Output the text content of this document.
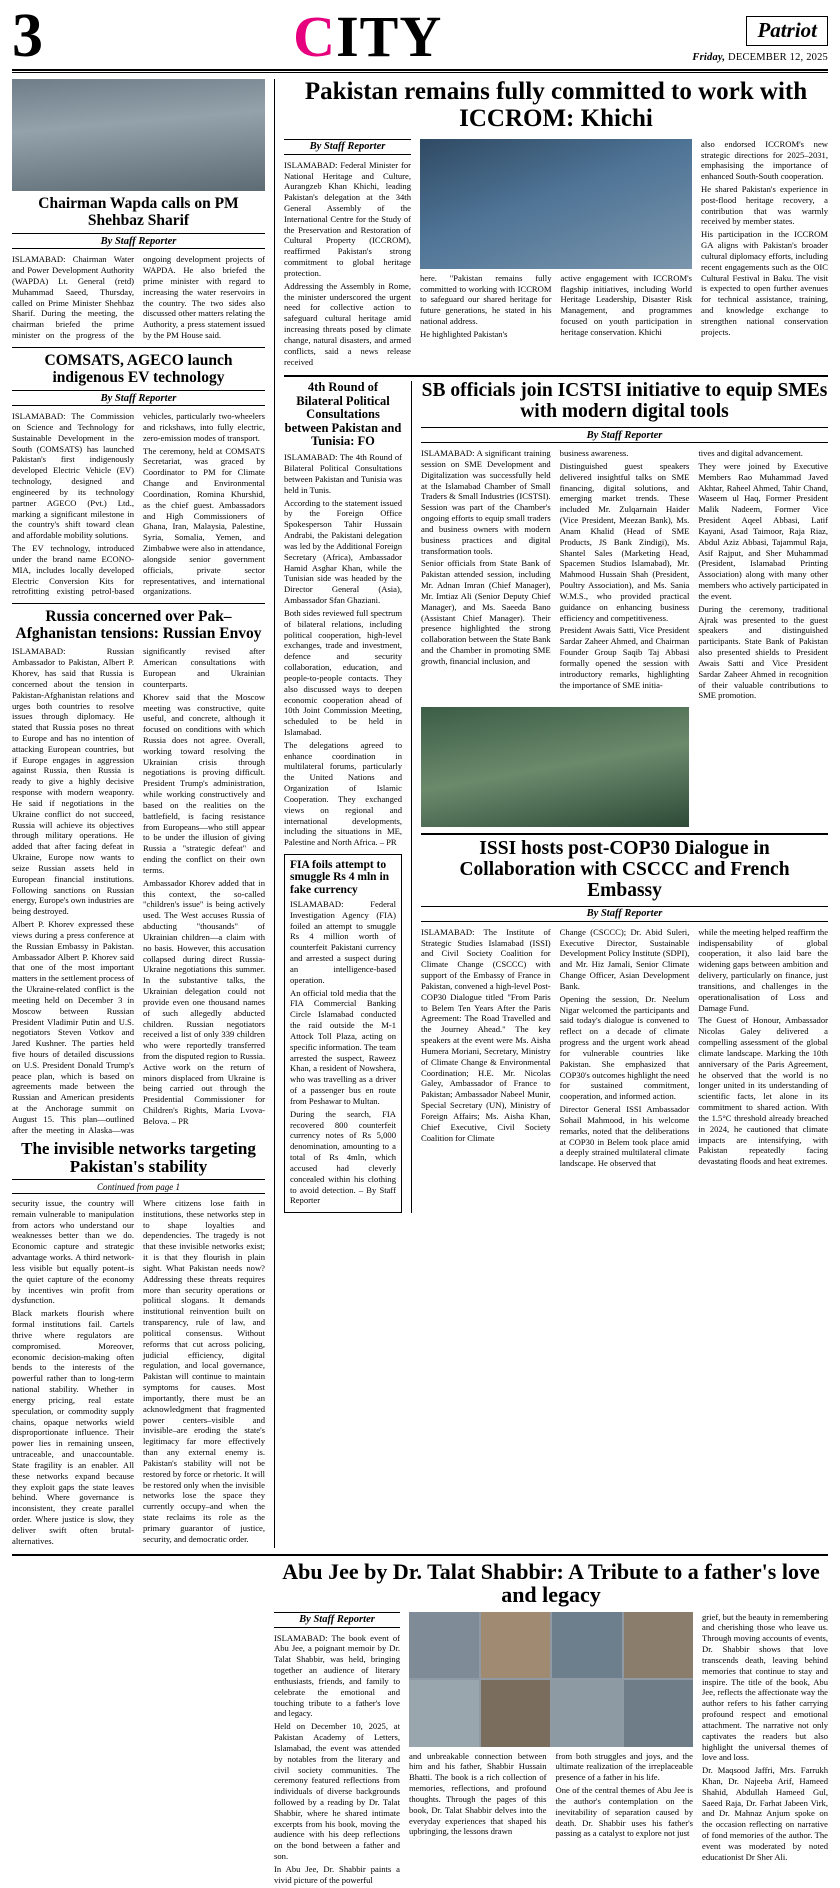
3	CITY	Patriot
Friday, DECEMBER 12, 2025
Chairman Wapda calls on PM Shehbaz Sharif
By Staff Reporter

ISLAMABAD: Chairman Water and Power Development Authority (WAPDA) Lt. General (retd) Muhammad Saeed, Thursday, called on Prime Minister Shehbaz Sharif. During the meeting, the chairman briefed the prime minister on the progress of the ongoing development projects of WAPDA. He also briefed the prime minister with regard to increasing the water reservoirs in the country. The two sides also discussed other matters relating the Authority, a press statement issued by the PM House said.

COMSATS, AGECO launch indigenous EV technology
By Staff Reporter

ISLAMABAD: The Commission on Science and Technology for Sustainable Development in the South (COMSATS) has launched Pakistan's first indigenously developed Electric Vehicle (EV) technology, designed and engineered by its technology partner AGECO (Pvt.) Ltd., marking a significant milestone in the country's shift toward clean and affordable mobility solutions.

The EV technology, introduced under the brand name ECONO-MIA, includes locally developed Electric Conversion Kits for retrofitting existing petrol-based vehicles, particularly two-wheelers and rickshaws, into fully electric, zero-emission modes of transport.

The ceremony, held at COMSATS Secretariat, was graced by Coordinator to PM for Climate Change and Environmental Coordination, Romina Khurshid, as the chief guest. Ambassadors and High Commissioners of Ghana, Iran, Malaysia, Palestine, Syria, Somalia, Yemen, and Zimbabwe were also in attendance, alongside senior government officials, private sector representatives, and international organizations.

Russia concerned over Pak–Afghanistan tensions: Russian Envoy

ISLAMABAD: Russian Ambassador to Pakistan, Albert P. Khorev, has said that Russia is concerned about the tension in Pakistan-Afghanistan relations and urges both countries to resolve issues through diplomacy. He stated that Russia poses no threat to Europe and has no intention of attacking European countries, but if Europe engages in aggression against Russia, then Russia is ready to give a highly decisive response with modern weaponry. He said if negotiations in the Ukraine conflict do not succeed, Russia will achieve its objectives through military operations. He added that after facing defeat in Ukraine, Europe now wants to seize Russian assets held in European financial institutions. Following sanctions on Russian energy, Europe's own industries are being destroyed.

Albert P. Khorev expressed these views during a press conference at the Russian Embassy in Pakistan. Ambassador Albert P. Khorev said that one of the most important matters in the settlement process of the Ukraine-related conflict is the meeting held on December 3 in Moscow between Russian President Vladimir Putin and U.S. negotiators Steven Votkov and Jared Kushner. The parties held five hours of detailed discussions on U.S. President Donald Trump's peace plan, which is based on agreements made between the Russian and American presidents at the Anchorage summit on August 15. This plan—outlined after the meeting in Alaska—was significantly revised after American consultations with European and Ukrainian counterparts.

Khorev said that the Moscow meeting was constructive, quite useful, and concrete, although it focused on conditions with which Russia does not agree. Overall, working toward resolving the Ukrainian crisis through negotiations is proving difficult. President Trump's administration, while working constructively and based on the realities on the battlefield, is facing resistance from Europeans—who still appear to be under the illusion of giving Russia a "strategic defeat" and ending the conflict on their own terms.

Ambassador Khorev added that in this context, the so-called "children's issue" is being actively used. The West accuses Russia of abducting "thousands" of Ukrainian children—a claim with no basis. However, this accusation collapsed during direct Russia-Ukraine negotiations this summer. In the substantive talks, the Ukrainian delegation could not provide even one thousand names of such allegedly abducted children. Russian negotiators received a list of only 339 children who were reportedly transferred from the disputed region to Russia. Active work on the return of minors displaced from Ukraine is being carried out through the Presidential Commissioner for Children's Rights, Maria Lvova-Belova. – PR

The invisible networks targeting Pakistan's stability
Continued from page 1

security issue, the country will remain vulnerable to manipulation from actors who understand our weaknesses better than we do. Economic capture and strategic advantage works. A third network-less visible but equally potent–is the quiet capture of the economy by incentives win profit from dysfunction.

Black markets flourish where formal institutions fail. Cartels thrive where regulators are compromised. Moreover, economic decision-making often bends to the interests of the powerful rather than to long-term national stability. Whether in energy pricing, real estate speculation, or commodity supply chains, opaque networks wield disproportionate influence. Their power lies in remaining unseen, untraceable, and unaccountable. State fragility is an enabler. All these networks expand because they exploit gaps the state leaves behind. Where governance is inconsistent, they create parallel order. Where justice is slow, they deliver swift often brutal-alternatives.

Where citizens lose faith in institutions, these networks step in to shape loyalties and dependencies. The tragedy is not that these invisible networks exist; it is that they flourish in plain sight. What Pakistan needs now? Addressing these threats requires more than security operations or political slogans. It demands institutional reinvention built on transparency, rule of law, and political consensus. Without reforms that cut across policing, judicial efficiency, digital regulation, and local governance, Pakistan will continue to maintain symptoms for causes. Most importantly, there must be an acknowledgment that fragmented power centers–visible and invisible–are eroding the state's legitimacy far more effectively than any external enemy is. Pakistan's stability will not be restored by force or rhetoric. It will be restored only when the invisible networks lose the space they currently occupy–and when the state reclaims its role as the primary guarantor of justice, security, and democratic order.

Pakistan remains fully committed to work with ICCROM: Khichi
By Staff Reporter

ISLAMABAD: Federal Minister for National Heritage and Culture, Aurangzeb Khan Khichi, leading Pakistan's delegation at the 34th General Assembly of the International Centre for the Study of the Preservation and Restoration of Cultural Property (ICCROM), reaffirmed Pakistan's strong commitment to global heritage protection.

Addressing the Assembly in Rome, the minister underscored the urgent need for collective action to safeguard cultural heritage amid increasing threats posed by climate change, natural disasters, and armed conflicts, said a news release received

here. "Pakistan remains fully committed to working with ICCROM to safeguard our shared heritage for future generations, he stated in his national address.

He highlighted Pakistan's

active engagement with ICCROM's flagship initiatives, including World Heritage Leadership, Disaster Risk Management, and programmes focused on youth participation in heritage conservation. Khichi

also endorsed ICCROM's new strategic directions for 2025–2031, emphasising the importance of enhanced South-South cooperation.

He shared Pakistan's experience in post-flood heritage recovery, a contribution that was warmly received by member states.

His participation in the ICCROM GA aligns with Pakistan's broader cultural diplomacy efforts, including recent engagements such as the OIC Cultural Festival in Baku. The visit is expected to open further avenues for technical assistance, training, and knowledge exchange to strengthen national conservation projects.

4th Round of Bilateral Political Consultations between Pakistan and Tunisia: FO

ISLAMABAD: The 4th Round of Bilateral Political Consultations between Pakistan and Tunisia was held in Tunis.

According to the statement issued by the Foreign Office Spokesperson Tahir Hussain Andrabi, the Pakistani delegation was led by the Additional Foreign Secretary (Africa), Ambassador Hamid Asghar Khan, while the Tunisian side was headed by the Director General (Asia), Ambassador Sfan Ghaziani.

Both sides reviewed full spectrum of bilateral relations, including political cooperation, high-level exchanges, trade and investment, defence and security collaboration, education, and people-to-people contacts. They also discussed ways to deepen economic cooperation ahead of 10th Joint Commission Meeting, scheduled to be held in Islamabad.

The delegations agreed to enhance coordination in multilateral forums, particularly the United Nations and Organization of Islamic Cooperation. They exchanged views on regional and international developments, including the situations in ME, Palestine and North Africa. – PR

FIA foils attempt to smuggle Rs 4 mln in fake currency

ISLAMABAD: Federal Investigation Agency (FIA) foiled an attempt to smuggle Rs 4 million worth of counterfeit Pakistani currency and arrested a suspect during an intelligence-based operation.

An official told media that the FIA Commercial Banking Circle Islamabad conducted the raid outside the M-1 Attock Toll Plaza, acting on specific information. The team arrested the suspect, Raweez Khan, a resident of Nowshera, who was travelling as a driver of a passenger bus en route from Peshawar to Multan.

During the search, FIA recovered 800 counterfeit currency notes of Rs 5,000 denomination, amounting to a total of Rs 4mln, which accused had cleverly concealed within his clothing to avoid detection. – By Staff Reporter

SB officials join ICSTSI initiative to equip SMEs with modern digital tools
By Staff Reporter

ISLAMABAD: A significant training session on SME Development and Digitalization was successfully held at the Islamabad Chamber of Small Traders & Small Industries (ICSTSI). Session was part of the Chamber's ongoing efforts to equip small traders and business owners with modern business practices and digital transformation tools.

Senior officials from State Bank of Pakistan attended session, including Mr. Adnan Imran (Chief Manager), Mr. Imtiaz Ali (Senior Deputy Chief Manager), and Ms. Saeeda Bano (Assistant Chief Manager). Their presence highlighted the strong collaboration between the State Bank and the Chamber in promoting SME growth, financial inclusion, and

business awareness.

Distinguished guest speakers delivered insightful talks on SME financing, digital solutions, and emerging market trends. These included Mr. Zulqarnain Haider (Vice President, Meezan Bank), Ms. Anam Khalid (Head of SME Products, JS Bank Zindigi), Ms. Shantel Sales (Marketing Head, Spacemen Studios Islamabad), Mr. Mahmood Hussain Shah (President, Poultry Association), and Ms. Sania W.M.S., who provided practical guidance on enhancing business efficiency and competitiveness.

President Awais Satti, Vice President Sardar Zaheer Ahmed, and Chairman Founder Group Saqib Taj Abbasi formally opened the session with introductory remarks, highlighting the importance of SME initia-

tives and digital advancement.

They were joined by Executive Members Rao Muhammad Javed Akhtar, Raheel Ahmed, Tahir Chand, Waseem ul Haq, Former President Malik Nadeem, Former Vice President Aqeel Abbasi, Latif Kayani, Asad Taimoor, Raja Riaz, Abdul Aziz Abbasi, Tajammul Raja, Asif Rajput, and Sher Muhammad (President, Islamabad Printing Association) along with many other members who actively participated in the event.

During the ceremony, traditional Ajrak was presented to the guest speakers and distinguished participants. State Bank of Pakistan also presented shields to President Awais Satti and Vice President Sardar Zaheer Ahmed in recognition of their valuable contributions to SME promotion.

ISSI hosts post-COP30 Dialogue in Collaboration with CSCCC and French Embassy
By Staff Reporter

ISLAMABAD: The Institute of Strategic Studies Islamabad (ISSI) and Civil Society Coalition for Climate Change (CSCCC) with support of the Embassy of France in Pakistan, convened a high-level Post-COP30 Dialogue titled "From Paris to Belem Ten Years After the Paris Agreement: The Road Travelled and the Journey Ahead." The key speakers at the event were Ms. Aisha Humera Moriani, Secretary, Ministry of Climate Change & Environmental Coordination; H.E. Mr. Nicolas Galey, Ambassador of France to Pakistan; Ambassador Nabeel Munir, Special Secretary (UN), Ministry of Foreign Affairs; Ms. Aisha Khan, Chief Executive, Civil Society Coalition for Climate

Change (CSCCC); Dr. Abid Suleri, Executive Director, Sustainable Development Policy Institute (SDPI), and Mr. Hiz Jamali, Senior Climate Change Officer, Asian Development Bank.

Opening the session, Dr. Neelum Nigar welcomed the participants and said today's dialogue is convened to reflect on a decade of climate progress and the urgent work ahead for vulnerable countries like Pakistan. She emphasized that COP30's outcomes highlight the need for sustained commitment, cooperation, and informed action.

Director General ISSI Ambassador Sohail Mahmood, in his welcome remarks, noted that the deliberations at COP30 in Belem took place amid a deeply strained multilateral climate landscape. He observed that

while the meeting helped reaffirm the indispensability of global cooperation, it also laid bare the widening gaps between ambition and delivery, particularly on finance, just transitions, and challenges in the operationalisation of Loss and Damage Fund.

The Guest of Honour, Ambassador Nicolas Galey delivered a compelling assessment of the global climate landscape. Marking the 10th anniversary of the Paris Agreement, he observed that the world is no longer united in its understanding of scientific facts, let alone in its commitment to shared action. With the 1.5°C threshold already breached in 2024, he cautioned that climate impacts are intensifying, with Pakistan repeatedly facing devastating floods and heat extremes.

Abu Jee by Dr. Talat Shabbir: A Tribute to a father's love and legacy
By Staff Reporter

ISLAMABAD: The book event of Abu Jee, a poignant memoir by Dr. Talat Shabbir, was held, bringing together an audience of literary enthusiasts, friends, and family to celebrate the emotional and touching tribute to a father's love and legacy.

Held on December 10, 2025, at Pakistan Academy of Letters, Islamabad, the event was attended by notables from the literary and civil society communities. The ceremony featured reflections from individuals of diverse backgrounds followed by a reading by Dr. Talat Shabbir, where he shared intimate excerpts from his book, moving the audience with his deep reflections on the bond between a father and son.

In Abu Jee, Dr. Shabbir paints a vivid picture of the powerful

and unbreakable connection between him and his father, Shabbir Hussain Bhatti. The book is a rich collection of memories, reflections, and profound thoughts. Through the pages of this book, Dr. Talat Shabbir delves into the everyday experiences that shaped his upbringing, the lessons drawn

from both struggles and joys, and the ultimate realization of the irreplaceable presence of a father in his life.

One of the central themes of Abu Jee is the author's contemplation on the inevitability of separation caused by death. Dr. Shabbir uses his father's passing as a catalyst to explore not just

grief, but the beauty in remembering and cherishing those who leave us. Through moving accounts of events, Dr. Shabbir shows that love transcends death, leaving behind memories that continue to stay and inspire. The title of the book, Abu Jee, reflects the affectionate way the author refers to his father carrying profound respect and emotional attachment. The narrative not only captivates the readers but also highlight the universal themes of love and loss.

Dr. Maqsood Jaffri, Mrs. Farrukh Khan, Dr. Najeeba Arif, Hameed Shahid, Abdullah Hameed Gul, Saeed Raja, Dr. Farhat Jabeen Virk, and Dr. Mahnaz Anjum spoke on the occasion reflecting on narrative of fond memories of the author. The event was moderated by noted educationist Dr Sher Ali.
